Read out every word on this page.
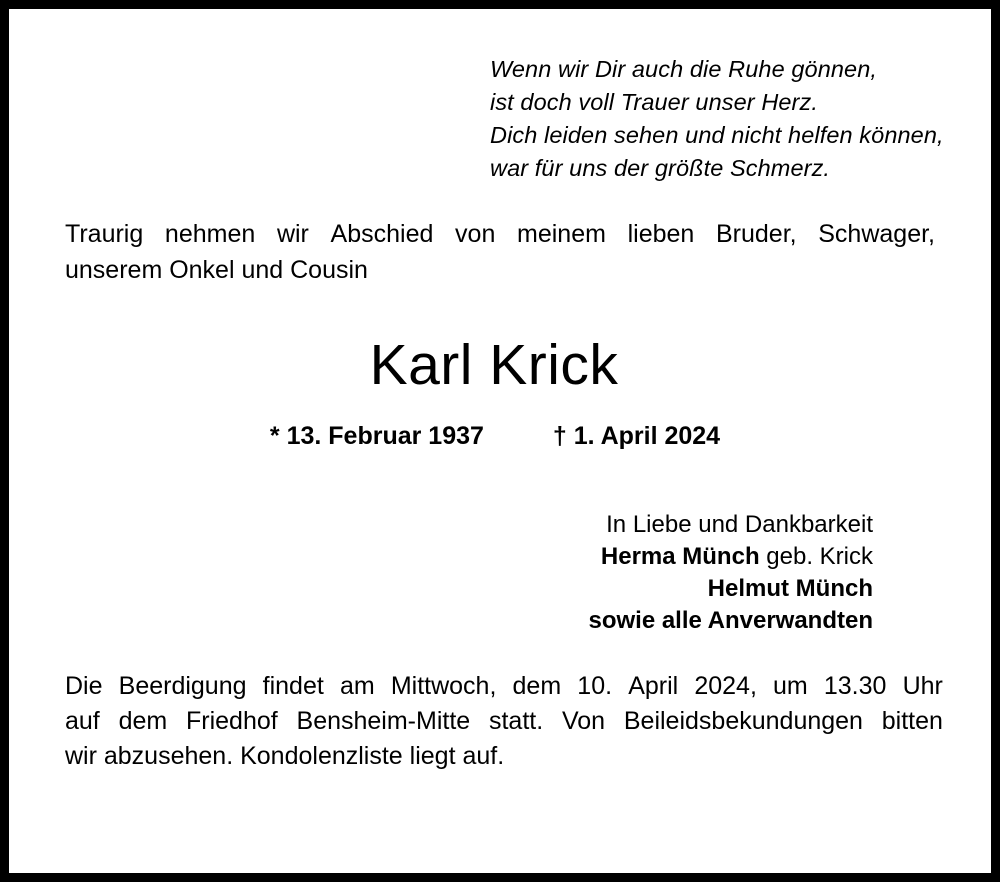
Wenn wir Dir auch die Ruhe gönnen,
ist doch voll Trauer unser Herz.
Dich leiden sehen und nicht helfen können,
war für uns der größte Schmerz.
Traurig nehmen wir Abschied von meinem lieben Bruder, Schwager,
unserem Onkel und Cousin
Karl Krick
* 13. Februar 1937	† 1. April 2024
In Liebe und Dankbarkeit
Herma Münch geb. Krick
Helmut Münch
sowie alle Anverwandten
Die Beerdigung findet am Mittwoch, dem 10. April 2024, um 13.30 Uhr
auf dem Friedhof Bensheim-Mitte statt. Von Beileidsbekundungen bitten
wir abzusehen. Kondolenzliste liegt auf.
